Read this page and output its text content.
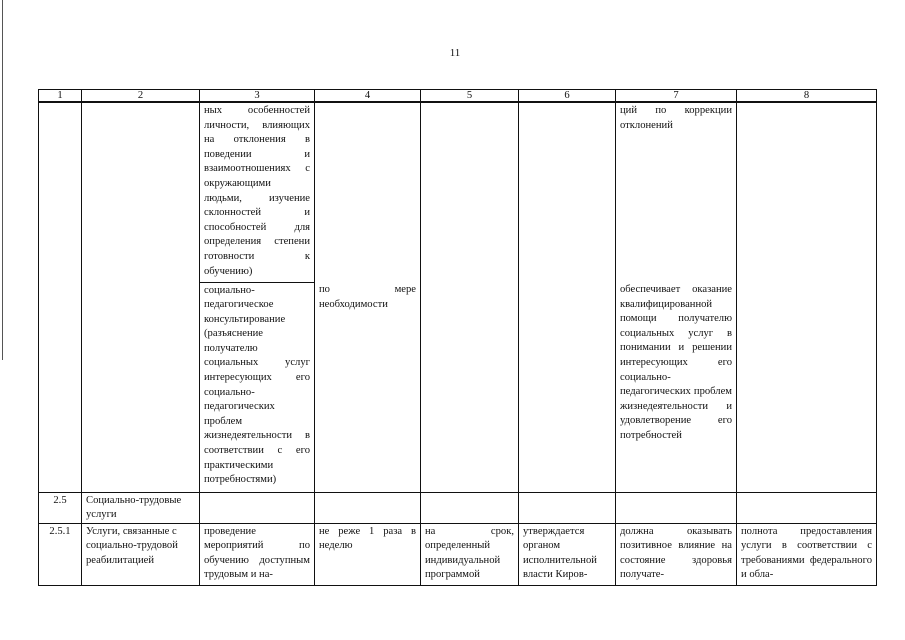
11
1	2	3	4	5	6	7	8
		ных особенностей личности, влияющих на отклонения в поведении и взаимоотношениях с окружающими людьми, изучение склонностей и способностей для определения степени готовности к обучению)				ций по коррекции отклонений	
		социально-педагогическое консультирование (разъяснение получателю социальных услуг интересующих его социально-педагогических проблем жизнедеятельности в соответствии с его практическими потребностями)	по мере необходимости			обеспечивает оказание квалифицированной помощи получателю социальных услуг в понимании и решении интересующих его социально-педагогических проблем жизнедеятельности и удовлетворение его потребностей	
2.5	Социально-трудовые услуги						
2.5.1	Услуги, связанные с социально-трудовой реабилитацией	проведение мероприятий по обучению доступным трудовым и на-	не реже 1 раза в неделю	на срок, определенный индивидуальной программой	утверждается органом исполнительной власти Киров-	должна оказывать позитивное влияние на состояние здоровья получате-	полнота предоставления услуги в соответствии с требованиями федерального и обла-
